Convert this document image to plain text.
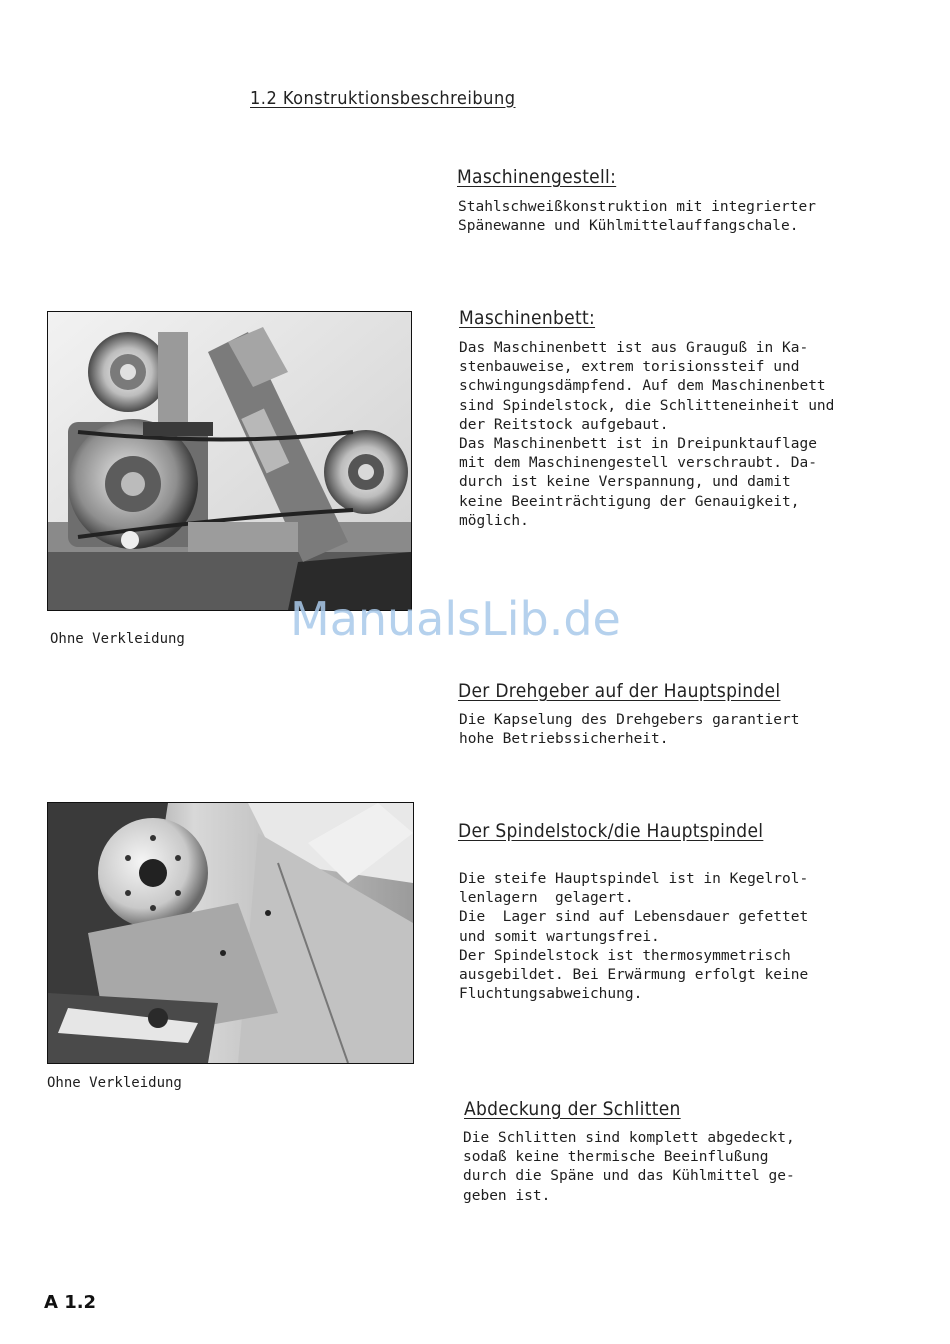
1.2 Konstruktionsbeschreibung
Maschinengestell:
Stahlschweißkonstruktion mit integrierter
Spänewanne und Kühlmittelauffangschale.
Maschinenbett:
Das Maschinenbett ist aus Grauguß in Ka-
stenbauweise, extrem torisionssteif und
schwingungsdämpfend. Auf dem Maschinenbett
sind Spindelstock, die Schlitteneinheit und
der Reitstock aufgebaut.
Das Maschinenbett ist in Dreipunktauflage
mit dem Maschinengestell verschraubt. Da-
durch ist keine Verspannung, und damit
keine Beeinträchtigung der Genauigkeit,
möglich.
Ohne Verkleidung ManualsLib.de
Der Drehgeber auf der Hauptspindel
Die Kapselung des Drehgebers garantiert
hohe Betriebssicherheit.
Ohne Verkleidung
Der Spindelstock/die Hauptspindel
Die steife Hauptspindel ist in Kegelrol-
lenlagern  gelagert.
Die  Lager sind auf Lebensdauer gefettet
und somit wartungsfrei.
Der Spindelstock ist thermosymmetrisch
ausgebildet. Bei Erwärmung erfolgt keine
Fluchtungsabweichung.
Abdeckung der Schlitten
Die Schlitten sind komplett abgedeckt,
sodaß keine thermische Beeinflußung
durch die Späne und das Kühlmittel ge-
geben ist.
A 1.2
